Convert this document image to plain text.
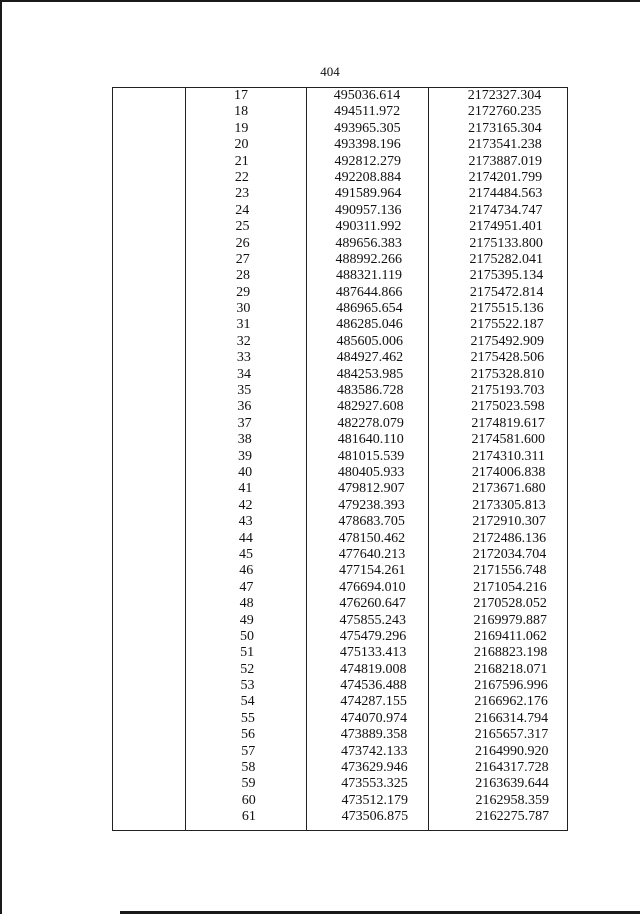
404
17	495036.614	2172327.304
18	494511.972	2172760.235
19	493965.305	2173165.304
20	493398.196	2173541.238
21	492812.279	2173887.019
22	492208.884	2174201.799
23	491589.964	2174484.563
24	490957.136	2174734.747
25	490311.992	2174951.401
26	489656.383	2175133.800
27	488992.266	2175282.041
28	488321.119	2175395.134
29	487644.866	2175472.814
30	486965.654	2175515.136
31	486285.046	2175522.187
32	485605.006	2175492.909
33	484927.462	2175428.506
34	484253.985	2175328.810
35	483586.728	2175193.703
36	482927.608	2175023.598
37	482278.079	2174819.617
38	481640.110	2174581.600
39	481015.539	2174310.311
40	480405.933	2174006.838
41	479812.907	2173671.680
42	479238.393	2173305.813
43	478683.705	2172910.307
44	478150.462	2172486.136
45	477640.213	2172034.704
46	477154.261	2171556.748
47	476694.010	2171054.216
48	476260.647	2170528.052
49	475855.243	2169979.887
50	475479.296	2169411.062
51	475133.413	2168823.198
52	474819.008	2168218.071
53	474536.488	2167596.996
54	474287.155	2166962.176
55	474070.974	2166314.794
56	473889.358	2165657.317
57	473742.133	2164990.920
58	473629.946	2164317.728
59	473553.325	2163639.644
60	473512.179	2162958.359
61	473506.875	2162275.787
